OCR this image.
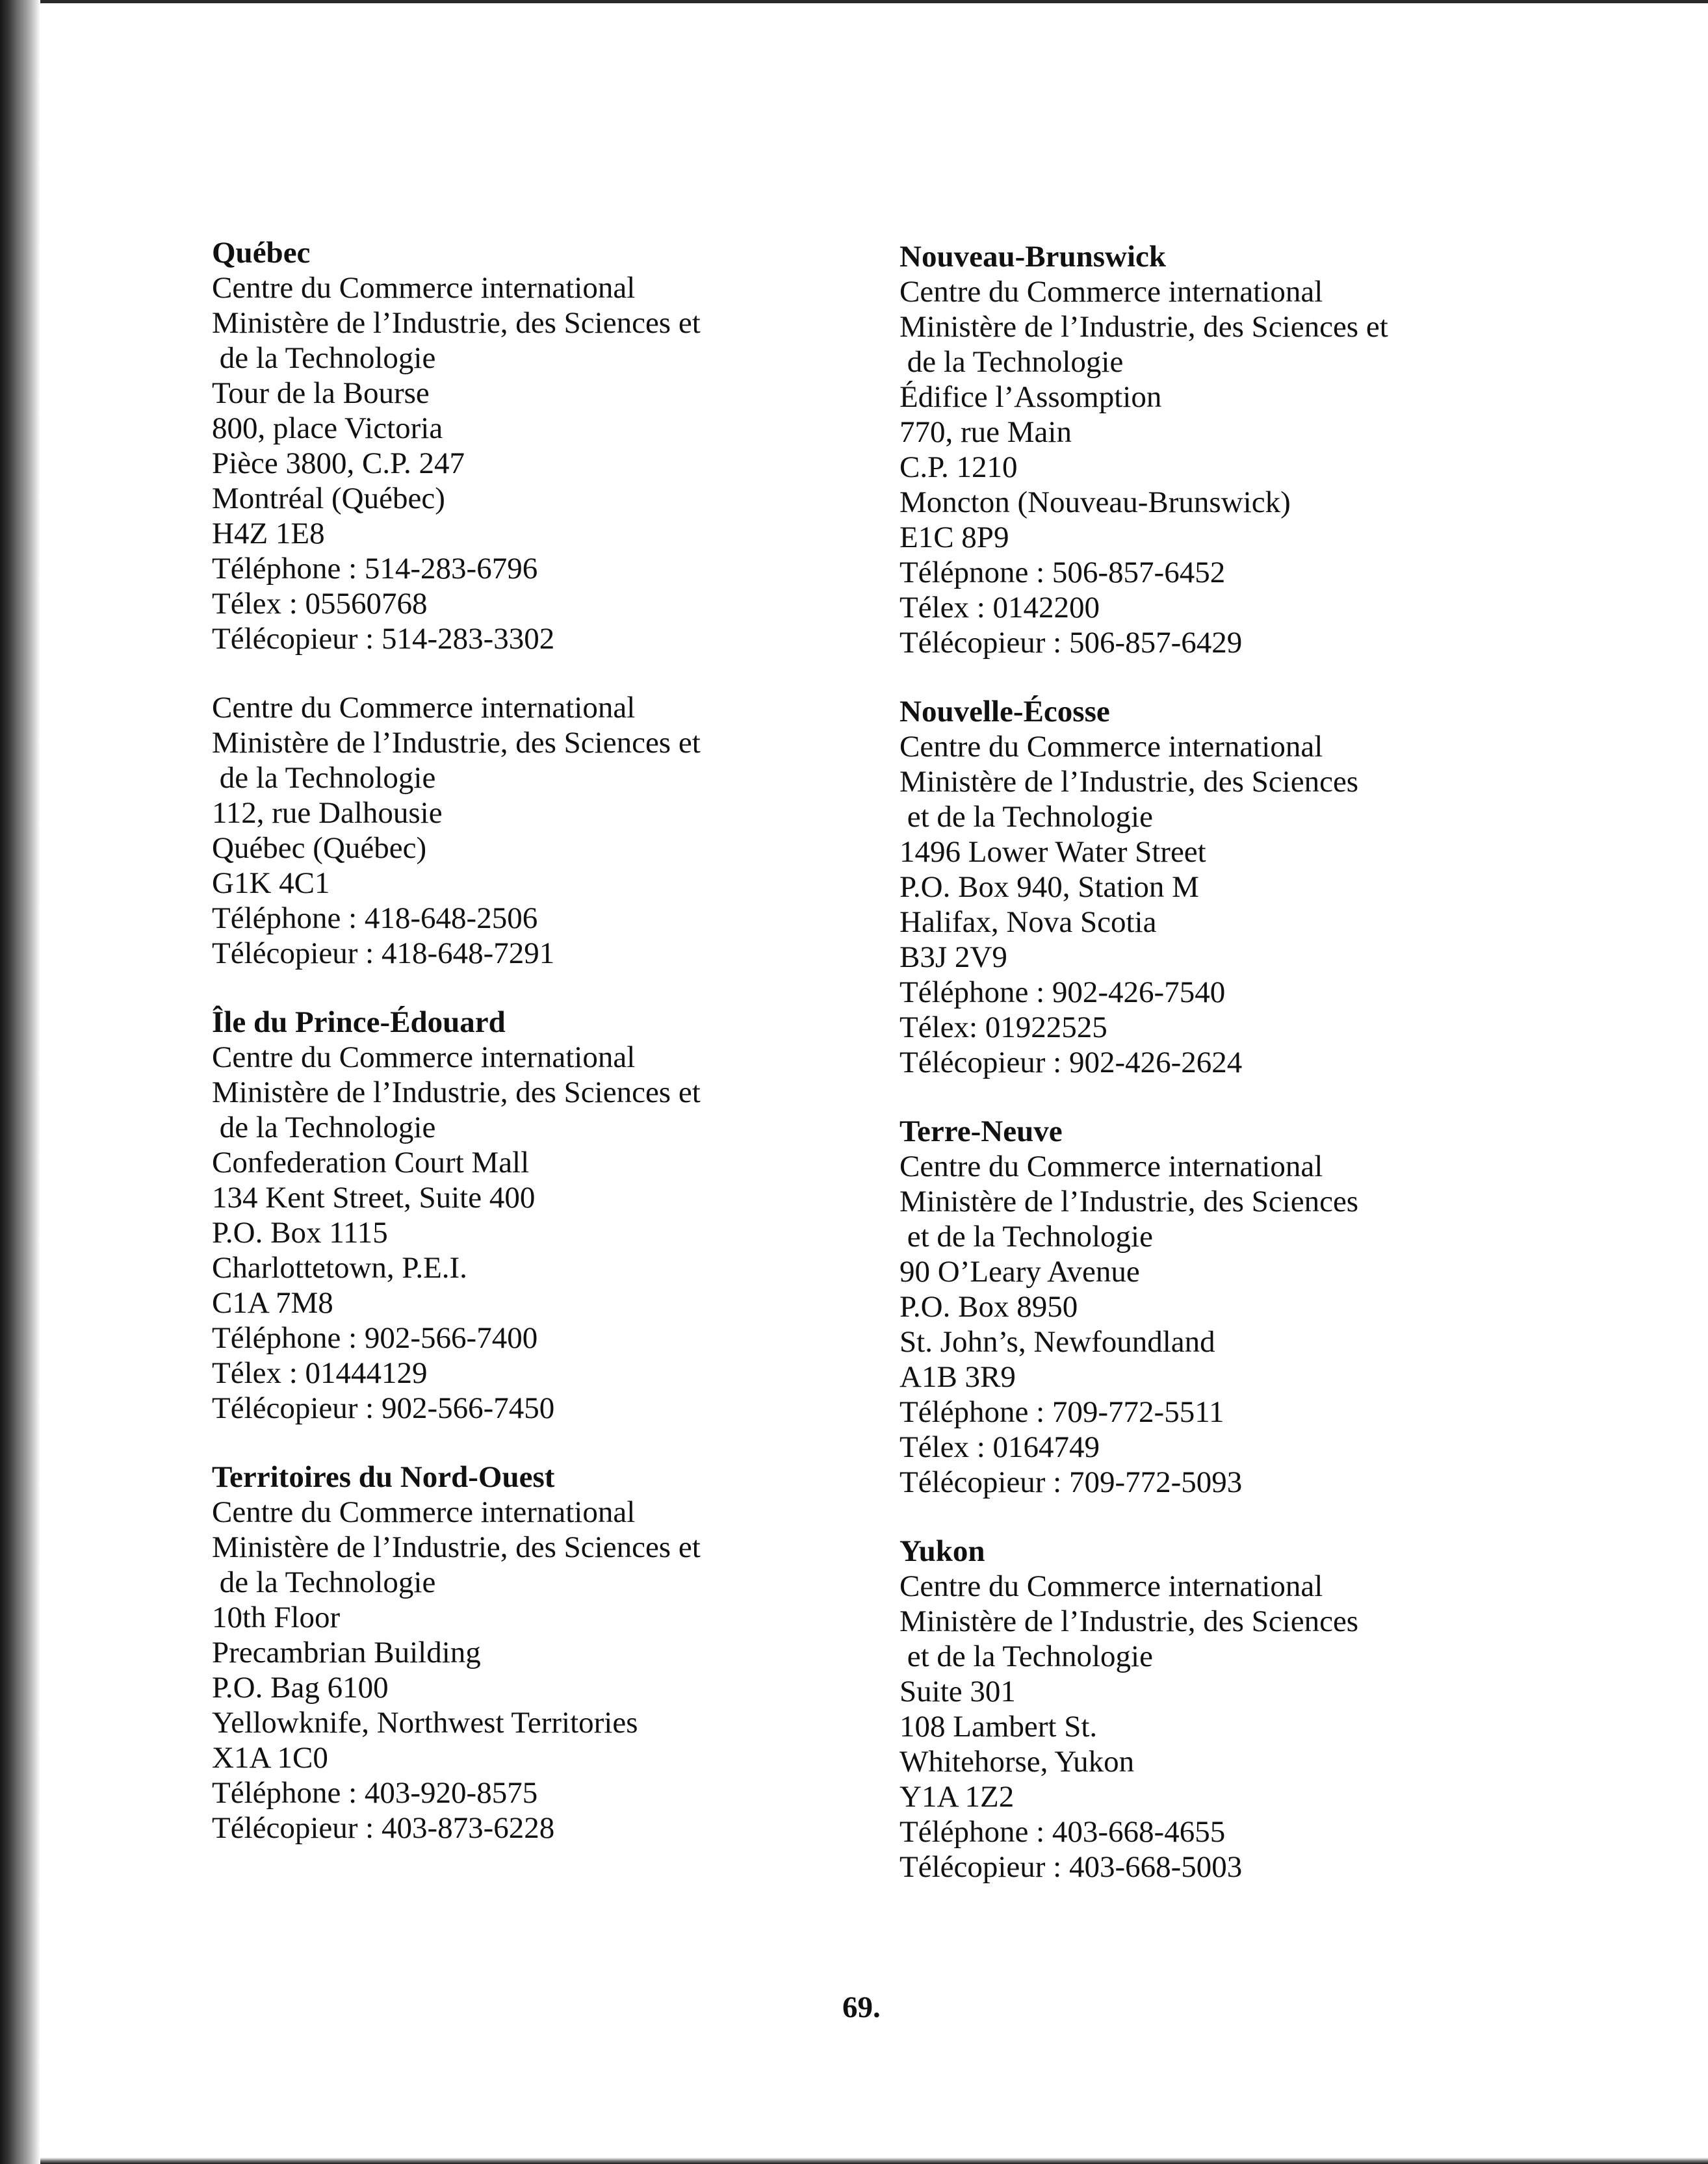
Québec
Centre du Commerce international
Ministère de l’Industrie, des Sciences et
de la Technologie
Tour de la Bourse
800, place Victoria
Pièce 3800, C.P. 247
Montréal (Québec)
H4Z 1E8
Téléphone : 514-283-6796
Télex : 05560768
Télécopieur : 514-283-3302
Centre du Commerce international
Ministère de l’Industrie, des Sciences et
de la Technologie
112, rue Dalhousie
Québec (Québec)
G1K 4C1
Téléphone : 418-648-2506
Télécopieur : 418-648-7291
Île du Prince-Édouard
Centre du Commerce international
Ministère de l’Industrie, des Sciences et
de la Technologie
Confederation Court Mall
134 Kent Street, Suite 400
P.O. Box 1115
Charlottetown, P.E.I.
C1A 7M8
Téléphone : 902-566-7400
Télex : 01444129
Télécopieur : 902-566-7450
Territoires du Nord-Ouest
Centre du Commerce international
Ministère de l’Industrie, des Sciences et
de la Technologie
10th Floor
Precambrian Building
P.O. Bag 6100
Yellowknife, Northwest Territories
X1A 1C0
Téléphone : 403-920-8575
Télécopieur : 403-873-6228
Nouveau-Brunswick
Centre du Commerce international
Ministère de l’Industrie, des Sciences et
de la Technologie
Édifice l’Assomption
770, rue Main
C.P. 1210
Moncton (Nouveau-Brunswick)
E1C 8P9
Télépnone : 506-857-6452
Télex : 0142200
Télécopieur : 506-857-6429
Nouvelle-Écosse
Centre du Commerce international
Ministère de l’Industrie, des Sciences
et de la Technologie
1496 Lower Water Street
P.O. Box 940, Station M
Halifax, Nova Scotia
B3J 2V9
Téléphone : 902-426-7540
Télex: 01922525
Télécopieur : 902-426-2624
Terre-Neuve
Centre du Commerce international
Ministère de l’Industrie, des Sciences
et de la Technologie
90 O’Leary Avenue
P.O. Box 8950
St. John’s, Newfoundland
A1B 3R9
Téléphone : 709-772-5511
Télex : 0164749
Télécopieur : 709-772-5093
Yukon
Centre du Commerce international
Ministère de l’Industrie, des Sciences
et de la Technologie
Suite 301
108 Lambert St.
Whitehorse, Yukon
Y1A 1Z2
Téléphone : 403-668-4655
Télécopieur : 403-668-5003
69.
